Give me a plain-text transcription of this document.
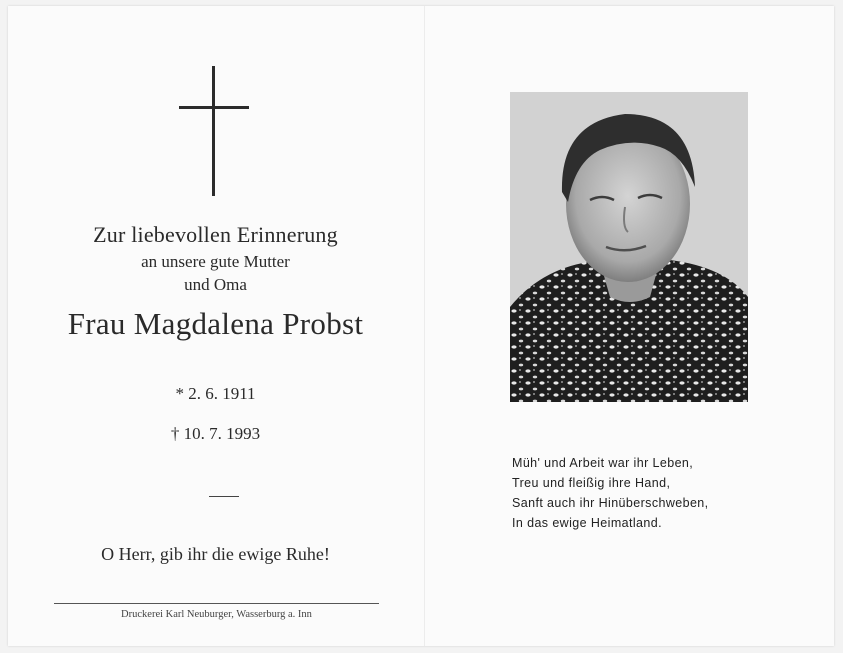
Zur liebevollen Erinnerung
an unsere gute Mutter
und Oma
Frau Magdalena Probst
* 2. 6. 1911
† 10. 7. 1993
O Herr, gib ihr die ewige Ruhe!
Druckerei Karl Neuburger, Wasserburg a. Inn
Müh' und Arbeit war ihr Leben,
Treu und fleißig ihre Hand,
Sanft auch ihr Hinüberschweben,
In das ewige Heimatland.
